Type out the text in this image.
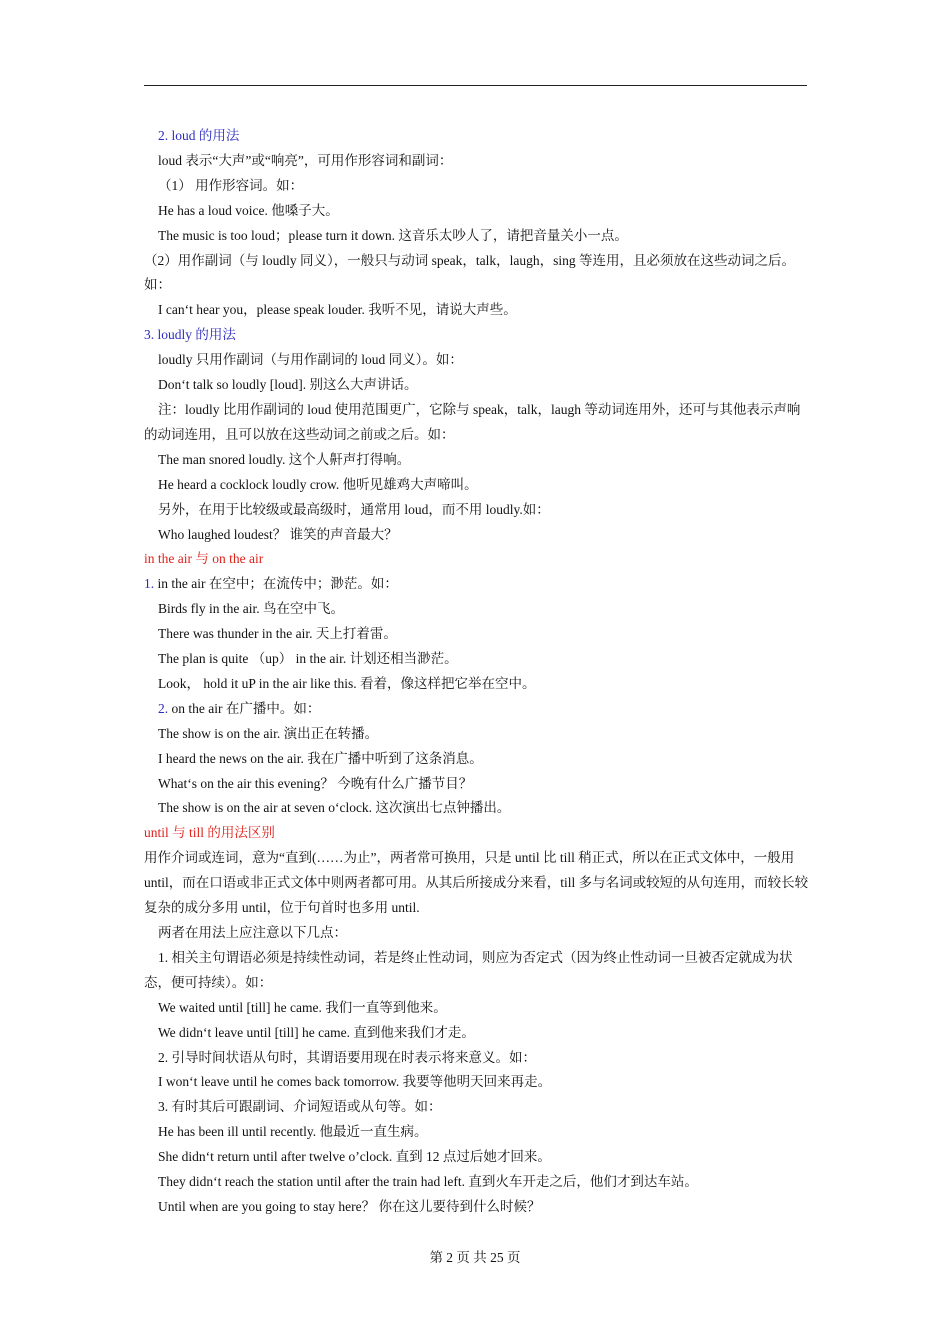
2. loud 的用法
loud 表示“大声”或“响亮”，可用作形容词和副词：
（1） 用作形容词。如：
He has a loud voice. 他嗓子大。
The music is too loud；please turn it down. 这音乐太吵人了，请把音量关小一点。
（2）用作副词（与 loudly 同义），一般只与动词 speak，talk，laugh，sing 等连用，且必须放在这些动词之后。如：
I can‘t hear you，please speak louder. 我听不见，请说大声些。
3. loudly 的用法
loudly 只用作副词（与用作副词的 loud 同义）。如：
Don‘t talk so loudly [loud]. 别这么大声讲话。
注：loudly 比用作副词的 loud 使用范围更广，它除与 speak，talk，laugh 等动词连用外，还可与其他表示声响的动词连用，且可以放在这些动词之前或之后。如：
The man snored loudly. 这个人鼾声打得响。
He heard a cocklock loudly crow. 他听见雄鸡大声啼叫。
另外，在用于比较级或最高级时，通常用 loud，而不用 loudly.如：
Who laughed loudest？ 谁笑的声音最大？
in the air 与 on the air
1. in the air 在空中；在流传中；渺茫。如：
Birds fly in the air. 鸟在空中飞。
There was thunder in the air. 天上打着雷。
The plan is quite （up） in the air. 计划还相当渺茫。
Look， hold it uP in the air like this. 看着，像这样把它举在空中。
2. on the air 在广播中。如：
The show is on the air. 演出正在转播。
I heard the news on the air. 我在广播中听到了这条消息。
What‘s on the air this evening？ 今晚有什么广播节目？
The show is on the air at seven o‘clock. 这次演出七点钟播出。
until 与 till 的用法区别
用作介词或连词，意为“直到(……为止”，两者常可换用，只是 until 比 till 稍正式，所以在正式文体中，一般用 until，而在口语或非正式文体中则两者都可用。从其后所接成分来看，till 多与名词或较短的从句连用，而较长较复杂的成分多用 until，位于句首时也多用 until.
两者在用法上应注意以下几点：
1. 相关主句谓语必须是持续性动词，若是终止性动词，则应为否定式（因为终止性动词一旦被否定就成为状态，便可持续）。如：
We waited until [till] he came. 我们一直等到他来。
We didn‘t leave until [till] he came. 直到他来我们才走。
2. 引导时间状语从句时，其谓语要用现在时表示将来意义。如：
I won‘t leave until he comes back tomorrow. 我要等他明天回来再走。
3. 有时其后可跟副词、介词短语或从句等。如：
He has been ill until recently. 他最近一直生病。
She didn‘t return until after twelve o’clock. 直到 12 点过后她才回来。
They didn‘t reach the station until after the train had left. 直到火车开走之后，他们才到达车站。
Until when are you going to stay here？ 你在这儿要待到什么时候？
第 2 页 共 25 页
